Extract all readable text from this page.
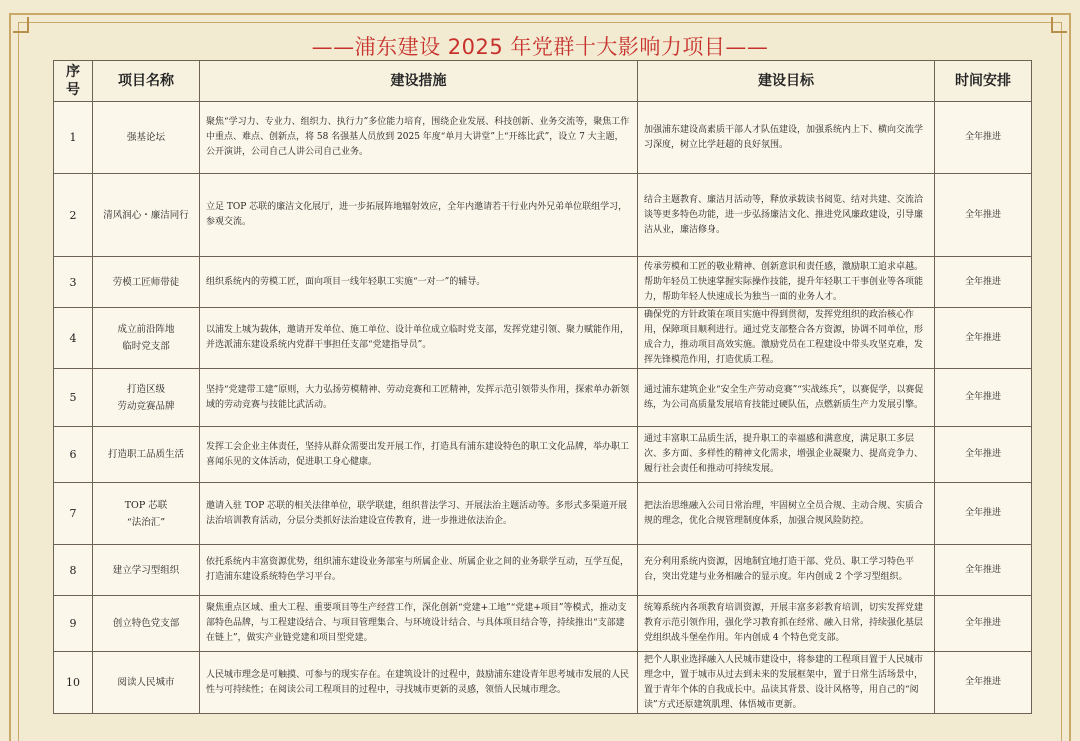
——浦东建设 2025 年党群十大影响力项目——
序号	项目名称	建设措施	建设目标	时间安排
1	强基论坛	聚焦“学习力、专业力、组织力、执行力”多位能力培育，围绕企业发展、科技创新、业务交流等，聚焦工作中重点、难点、创新点，将 58 名强基人员放到 2025 年度“单月大讲堂”上“开练比武”，设立 7 大主题，公开演讲，公司自己人讲公司自己业务。	加强浦东建设高素质干部人才队伍建设，加强系统内上下、横向交流学习深度，树立比学赶超的良好氛围。	全年推进
2	清风润心・廉洁同行	立足 TOP 芯联的廉洁文化展厅，进一步拓展阵地辐射效应，全年内邀请若干行业内外兄弟单位联组学习，参观交流。	结合主题教育、廉洁月活动等，释放承载读书阅览、结对共建、交流洽谈等更多特色功能，进一步弘扬廉洁文化、推进党风廉政建设，引导廉洁从业，廉洁修身。	全年推进
3	劳模工匠师带徒	组织系统内的劳模工匠，面向项目一线年轻职工实施“一对一”的辅导。	传承劳模和工匠的敬业精神、创新意识和责任感，激励职工追求卓越。帮助年轻员工快速掌握实际操作技能，提升年轻职工干事创业等各项能力，帮助年轻人快速成长为独当一面的业务人才。	全年推进
4	成立前沿阵地
临时党支部	以浦发上城为载体，邀请开发单位、施工单位、设计单位成立临时党支部，发挥党建引领、聚力赋能作用，并选派浦东建设系统内党群干事担任支部“党建指导员”。	确保党的方针政策在项目实施中得到贯彻，发挥党组织的政治核心作用，保障项目顺利进行。通过党支部整合各方资源，协调不同单位，形成合力，推动项目高效实施。激励党员在工程建设中带头攻坚克难，发挥先锋模范作用，打造优质工程。	全年推进
5	打造区级
劳动竞赛品牌	坚持“党建带工建”原则，大力弘扬劳模精神、劳动竞赛和工匠精神，发挥示范引领带头作用，探索单办新领域的劳动竞赛与技能比武活动。	通过浦东建筑企业“安全生产劳动竞赛”“实战练兵”，以赛促学，以赛促练，为公司高质量发展培育技能过硬队伍，点燃新质生产力发展引擎。	全年推进
6	打造职工品质生活	发挥工会企业主体责任，坚持从群众需要出发开展工作，打造具有浦东建设特色的职工文化品牌，举办职工喜闻乐见的文体活动，促进职工身心健康。	通过丰富职工品质生活，提升职工的幸福感和满意度，满足职工多层次、多方面、多样性的精神文化需求，增强企业凝聚力、提高竞争力、履行社会责任和推动可持续发展。	全年推进
7	TOP 芯联
“法治汇”	邀请入驻 TOP 芯联的相关法律单位，联学联建，组织普法学习、开展法治主题活动等。多形式多渠道开展法治培训教育活动，分层分类抓好法治建设宣传教育，进一步推进依法治企。	把法治思维融入公司日常治理，牢固树立全员合规、主动合规、实质合规的理念，优化合规管理制度体系，加强合规风险防控。	全年推进
8	建立学习型组织	依托系统内丰富资源优势，组织浦东建设业务部室与所属企业、所属企业之间的业务联学互动，互学互促，打造浦东建设系统特色学习平台。	充分利用系统内资源，因地制宜地打造干部、党员、职工学习特色平台，突出党建与业务相融合的显示度。年内创成 2 个学习型组织。	全年推进
9	创立特色党支部	聚焦重点区域、重大工程、重要项目等生产经营工作，深化创新“党建+工地”“党建+项目”等模式，推动支部特色品牌，与工程建设结合、与项目管理集合、与环境设计结合、与具体项目结合等，持续推出“支部建在链上”，做实产业链党建和项目型党建。	统筹系统内各项教育培训资源，开展丰富多彩教育培训，切实发挥党建教育示范引领作用，强化学习教育抓在经常、融入日常，持续强化基层党组织战斗堡垒作用。年内创成 4 个特色党支部。	全年推进
10	阅读人民城市	人民城市理念是可触摸、可参与的现实存在。在建筑设计的过程中，鼓励浦东建设青年思考城市发展的人民性与可持续性；在阅读公司工程项目的过程中，寻找城市更新的灵感，领悟人民城市理念。	把个人职业选择融入人民城市建设中，将参建的工程项目置于人民城市理念中，置于城市从过去到未来的发展框架中，置于日常生活场景中，置于青年个体的自我成长中。品读其背景、设计风格等，用自己的“阅读”方式还原建筑肌理、体悟城市更新。	全年推进
